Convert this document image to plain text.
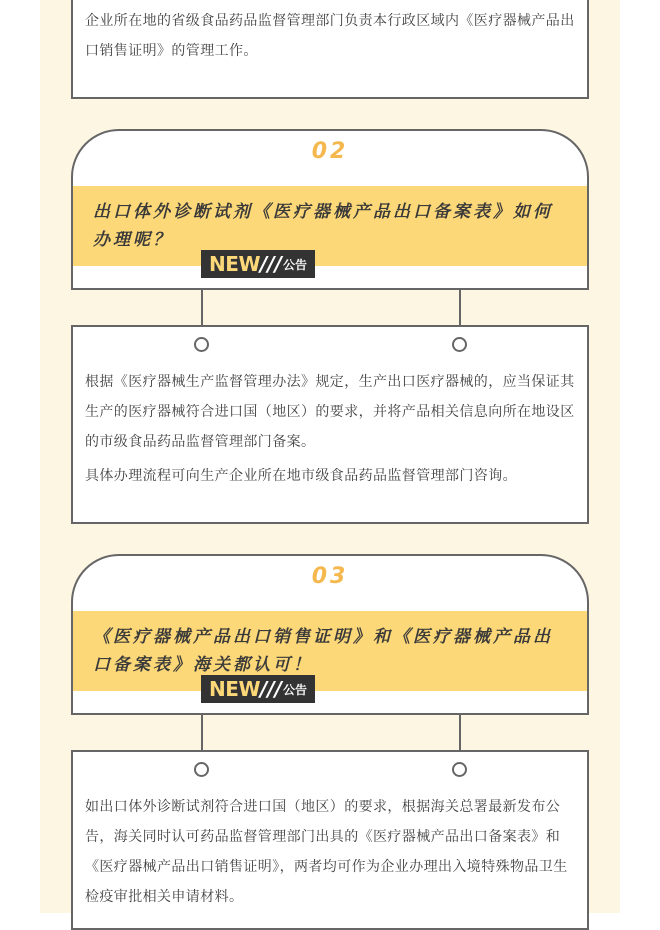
企业所在地的省级食品药品监督管理部门负责本行政区域内《医疗器械产品出口销售证明》的管理工作。

02
出口体外诊断试剂《医疗器械产品出口备案表》如何办理呢？
NEW /// 公告

根据《医疗器械生产监督管理办法》规定，生产出口医疗器械的，应当保证其生产的医疗器械符合进口国（地区）的要求，并将产品相关信息向所在地设区的市级食品药品监督管理部门备案。

具体办理流程可向生产企业所在地市级食品药品监督管理部门咨询。

03
《医疗器械产品出口销售证明》和《医疗器械产品出口备案表》海关都认可！
NEW /// 公告

如出口体外诊断试剂符合进口国（地区）的要求，根据海关总署最新发布公告，海关同时认可药品监督管理部门出具的《医疗器械产品出口备案表》和《医疗器械产品出口销售证明》，两者均可作为企业办理出入境特殊物品卫生检疫审批相关申请材料。
